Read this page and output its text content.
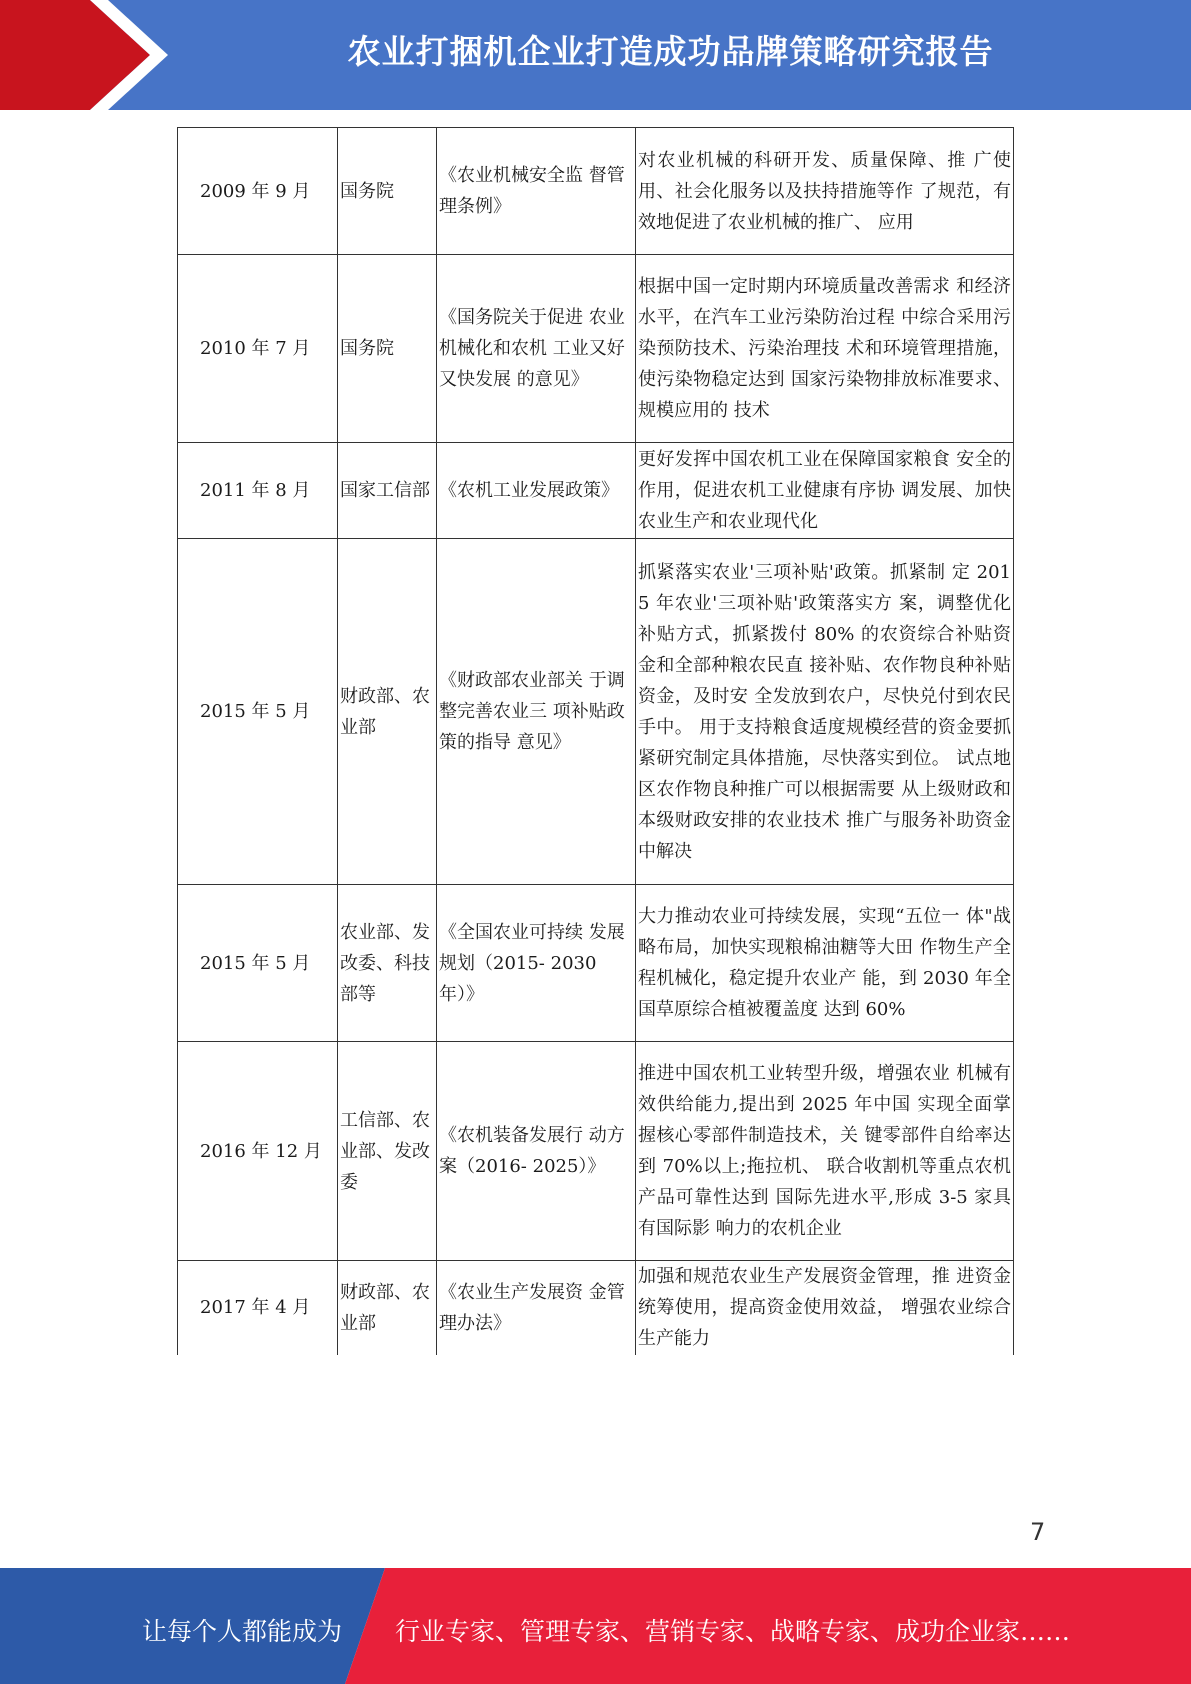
农业打捆机企业打造成功品牌策略研究报告
2009 年 9 月	国务院	《农业机械安全监 督管理条例》	对农业机械的科研开发、质量保障、推 广使用、社会化服务以及扶持措施等作 了规范，有效地促进了农业机械的推广、 应用
2010 年 7 月	国务院	《国务院关于促进 农业机械化和农机 工业又好又快发展 的意见》	根据中国一定时期内环境质量改善需求 和经济水平，在汽车工业污染防治过程 中综合采用污染预防技术、污染治理技 术和环境管理措施，使污染物稳定达到 国家污染物排放标准要求、规模应用的 技术
2011 年 8 月	国家工信部	《农机工业发展政策》	更好发挥中国农机工业在保障国家粮食 安全的作用，促进农机工业健康有序协 调发展、加快农业生产和农业现代化
2015 年 5 月	财政部、农业部	《财政部农业部关 于调整完善农业三 项补贴政策的指导 意见》	抓紧落实农业'三项补贴'政策。抓紧制 定 2015 年农业'三项补贴'政策落实方 案，调整优化补贴方式，抓紧拨付 80% 的农资综合补贴资金和全部种粮农民直 接补贴、农作物良种补贴资金，及时安 全发放到农户，尽快兑付到农民手中。 用于支持粮食适度规模经营的资金要抓 紧研究制定具体措施，尽快落实到位。 试点地区农作物良种推广可以根据需要 从上级财政和本级财政安排的农业技术 推广与服务补助资金中解决
2015 年 5 月	农业部、发改委、科技部等	《全国农业可持续 发展规划（2015- 2030 年）》	大力推动农业可持续发展，实现“五位一 体"战略布局，加快实现粮棉油糖等大田 作物生产全程机械化，稳定提升农业产 能，到 2030 年全国草原综合植被覆盖度 达到 60%
2016 年 12 月	工信部、农业部、发改委	《农机装备发展行 动方案（2016- 2025）》	推进中国农机工业转型升级，增强农业 机械有效供给能力,提出到 2025 年中国 实现全面掌握核心零部件制造技术，关 键零部件自给率达到 70%以上;拖拉机、 联合收割机等重点农机产品可靠性达到 国际先进水平,形成 3-5 家具有国际影 响力的农机企业
2017 年 4 月	财政部、农业部	《农业生产发展资 金管理办法》	加强和规范农业生产发展资金管理，推 进资金统筹使用，提高资金使用效益， 增强农业综合生产能力
7
让每个人都能成为 行业专家、管理专家、营销专家、战略专家、成功企业家……
